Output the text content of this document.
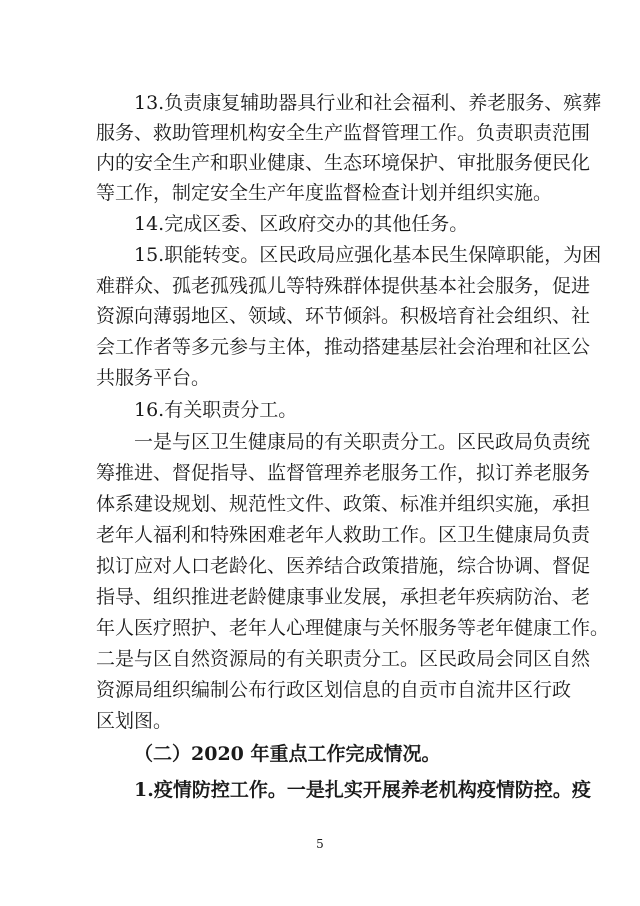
13.负责康复辅助器具行业和社会福利、养老服务、殡葬
服务、救助管理机构安全生产监督管理工作。负责职责范围
内的安全生产和职业健康、生态环境保护、审批服务便民化
等工作，制定安全生产年度监督检查计划并组织实施。
14.完成区委、区政府交办的其他任务。
15.职能转变。区民政局应强化基本民生保障职能，为困
难群众、孤老孤残孤儿等特殊群体提供基本社会服务，促进
资源向薄弱地区、领域、环节倾斜。积极培育社会组织、社
会工作者等多元参与主体，推动搭建基层社会治理和社区公
共服务平台。
16.有关职责分工。
一是与区卫生健康局的有关职责分工。区民政局负责统
筹推进、督促指导、监督管理养老服务工作，拟订养老服务
体系建设规划、规范性文件、政策、标准并组织实施，承担
老年人福利和特殊困难老年人救助工作。区卫生健康局负责
拟订应对人口老龄化、医养结合政策措施，综合协调、督促
指导、组织推进老龄健康事业发展，承担老年疾病防治、老
年人医疗照护、老年人心理健康与关怀服务等老年健康工作。
二是与区自然资源局的有关职责分工。区民政局会同区自然
资源局组织编制公布行政区划信息的自贡市自流井区行政
区划图。
（二）2020 年重点工作完成情况。
1.疫情防控工作。一是扎实开展养老机构疫情防控。疫
5
